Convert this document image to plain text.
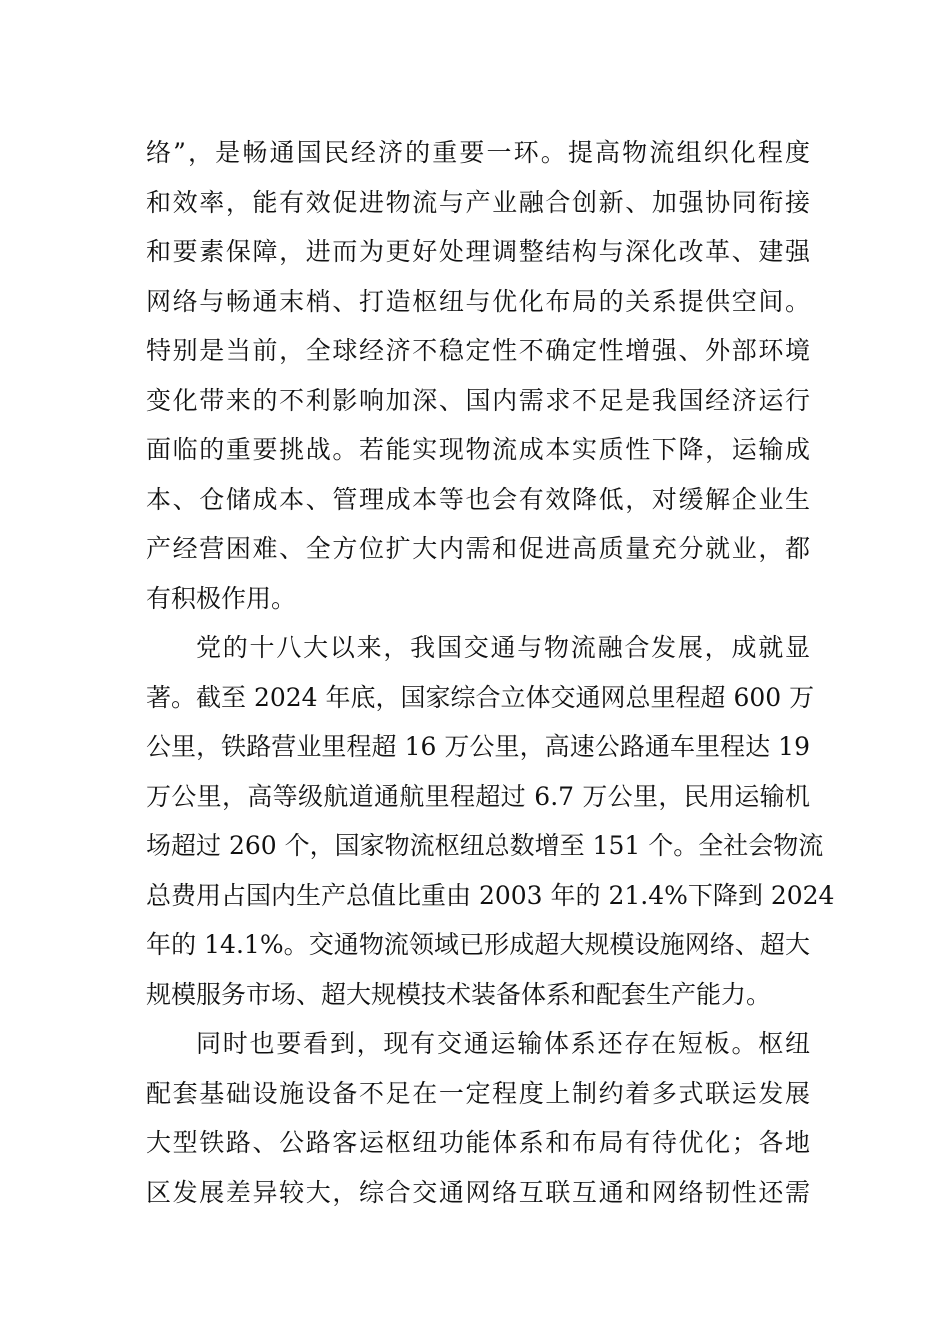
络”，是畅通国民经济的重要一环。提高物流组织化程度
和效率，能有效促进物流与产业融合创新、加强协同衔接
和要素保障，进而为更好处理调整结构与深化改革、建强
网络与畅通末梢、打造枢纽与优化布局的关系提供空间。
特别是当前，全球经济不稳定性不确定性增强、外部环境
变化带来的不利影响加深、国内需求不足是我国经济运行
面临的重要挑战。若能实现物流成本实质性下降，运输成
本、仓储成本、管理成本等也会有效降低，对缓解企业生
产经营困难、全方位扩大内需和促进高质量充分就业，都
有积极作用。
党的十八大以来，我国交通与物流融合发展，成就显
著。截至 2024 年底，国家综合立体交通网总里程超 600 万
公里，铁路营业里程超 16 万公里，高速公路通车里程达 19
万公里，高等级航道通航里程超过 6.7 万公里，民用运输机
场超过 260 个，国家物流枢纽总数增至 151 个。全社会物流
总费用占国内生产总值比重由 2003 年的 21.4%下降到 2024
年的 14.1%。交通物流领域已形成超大规模设施网络、超大
规模服务市场、超大规模技术装备体系和配套生产能力。
同时也要看到，现有交通运输体系还存在短板。枢纽
配套基础设施设备不足在一定程度上制约着多式联运发展
大型铁路、公路客运枢纽功能体系和布局有待优化；各地
区发展差异较大，综合交通网络互联互通和网络韧性还需
